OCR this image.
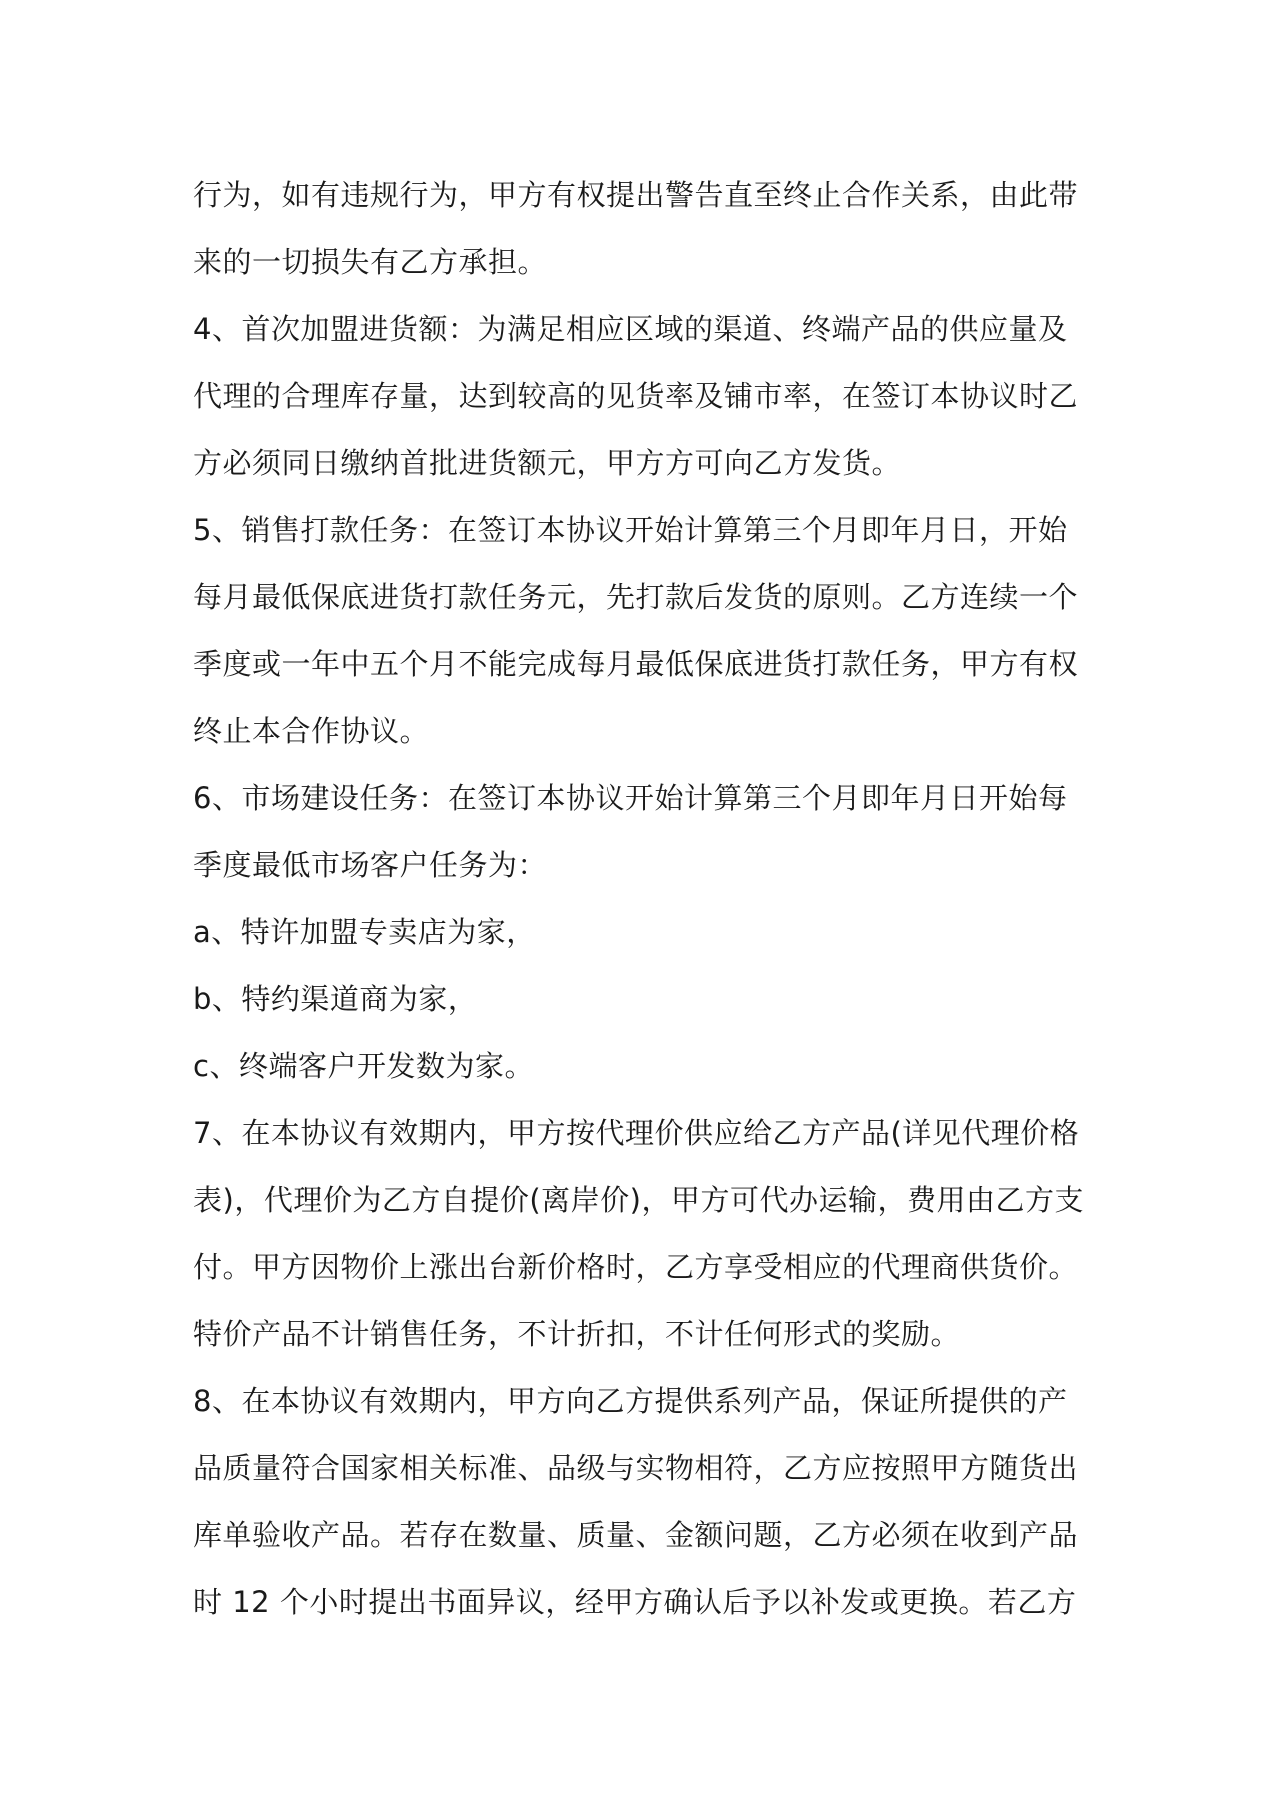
行为，如有违规行为，甲方有权提出警告直至终止合作关系，由此带
来的一切损失有乙方承担。
4、首次加盟进货额：为满足相应区域的渠道、终端产品的供应量及
代理的合理库存量，达到较高的见货率及铺市率，在签订本协议时乙
方必须同日缴纳首批进货额元，甲方方可向乙方发货。
5、销售打款任务：在签订本协议开始计算第三个月即年月日，开始
每月最低保底进货打款任务元，先打款后发货的原则。乙方连续一个
季度或一年中五个月不能完成每月最低保底进货打款任务，甲方有权
终止本合作协议。
6、市场建设任务：在签订本协议开始计算第三个月即年月日开始每
季度最低市场客户任务为：
a、特许加盟专卖店为家，
b、特约渠道商为家，
c、终端客户开发数为家。
7、在本协议有效期内，甲方按代理价供应给乙方产品(详见代理价格
表)，代理价为乙方自提价(离岸价)，甲方可代办运输，费用由乙方支
付。甲方因物价上涨出台新价格时，乙方享受相应的代理商供货价。
特价产品不计销售任务，不计折扣，不计任何形式的奖励。
8、在本协议有效期内，甲方向乙方提供系列产品，保证所提供的产
品质量符合国家相关标准、品级与实物相符，乙方应按照甲方随货出
库单验收产品。若存在数量、质量、金额问题，乙方必须在收到产品
时 12 个小时提出书面异议，经甲方确认后予以补发或更换。若乙方
